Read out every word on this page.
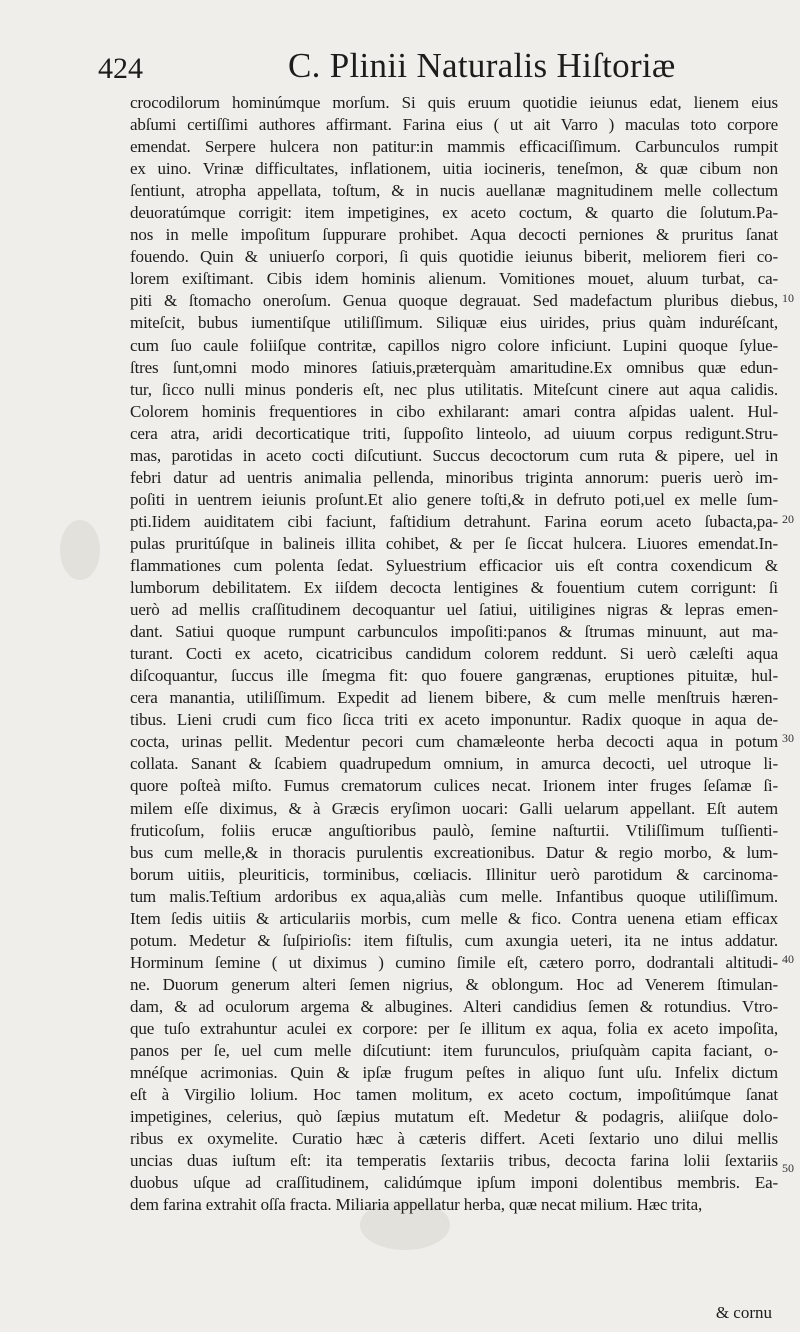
424	C. Plinii Naturalis Hiſtoriæ
crocodilorum hominúmque morſum. Si quis eruum quotidie ieiunus edat, lienem eius
abſumi certiſſimi authores affirmant. Farina eius ( ut ait Varro ) maculas toto corpore
emendat. Serpere hulcera non patitur:in mammis efficaciſſimum. Carbunculos rumpit
ex uino. Vrinæ difficultates, inflationem, uitia iocineris, teneſmon, & quæ cibum non
ſentiunt, atropha appellata, toſtum, & in nucis auellanæ magnitudinem melle collectum
deuoratúmque corrigit: item impetigines, ex aceto coctum, & quarto die ſolutum.Pa-
nos in melle impoſitum ſuppurare prohibet. Aqua decocti perniones & pruritus ſanat
fouendo. Quin & uniuerſo corpori, ſi quis quotidie ieiunus biberit, meliorem fieri co-
lorem exiſtimant. Cibis idem hominis alienum. Vomitiones mouet, aluum turbat, ca-
piti & ſtomacho oneroſum. Genua quoque degrauat. Sed madefactum pluribus diebus,
miteſcit, bubus iumentiſque utiliſſimum. Siliquæ eius uirides, prius quàm induréſcant,
cum ſuo caule foliiſque contritæ, capillos nigro colore inficiunt. Lupini quoque ſylue-
ſtres ſunt,omni modo minores ſatiuis,præterquàm amaritudine.Ex omnibus quæ edun-
tur, ſicco nulli minus ponderis eſt, nec plus utilitatis. Miteſcunt cinere aut aqua calidis.
Colorem hominis frequentiores in cibo exhilarant: amari contra aſpidas ualent. Hul-
cera atra, aridi decorticatique triti, ſuppoſito linteolo, ad uiuum corpus redigunt.Stru-
mas, parotidas in aceto cocti diſcutiunt. Succus decoctorum cum ruta & pipere, uel in
febri datur ad uentris animalia pellenda, minoribus triginta annorum: pueris uerò im-
poſiti in uentrem ieiunis proſunt.Et alio genere toſti,& in defruto poti,uel ex melle ſum-
pti.Iidem auiditatem cibi faciunt, faſtidium detrahunt. Farina eorum aceto ſubacta,pa-
pulas pruritúſque in balineis illita cohibet, & per ſe ſiccat hulcera. Liuores emendat.In-
flammationes cum polenta ſedat. Syluestrium efficacior uis eſt contra coxendicum &
lumborum debilitatem. Ex iiſdem decocta lentigines & fouentium cutem corrigunt: ſi
uerò ad mellis craſſitudinem decoquantur uel ſatiui, uitiligines nigras & lepras emen-
dant. Satiui quoque rumpunt carbunculos impoſiti:panos & ſtrumas minuunt, aut ma-
turant. Cocti ex aceto, cicatricibus candidum colorem reddunt. Si uerò cæleſti aqua
diſcoquantur, ſuccus ille ſmegma fit: quo fouere gangrænas, eruptiones pituitæ, hul-
cera manantia, utiliſſimum. Expedit ad lienem bibere, & cum melle menſtruis hæren-
tibus. Lieni crudi cum fico ſicca triti ex aceto imponuntur. Radix quoque in aqua de-
cocta, urinas pellit. Medentur pecori cum chamæleonte herba decocti aqua in potum
collata. Sanant & ſcabiem quadrupedum omnium, in amurca decocti, uel utroque li-
quore poſteà miſto. Fumus crematorum culices necat. Irionem inter fruges ſeſamæ ſi-
milem eſſe diximus, & à Græcis eryſimon uocari: Galli uelarum appellant. Eſt autem
fruticoſum, foliis erucæ anguſtioribus paulò, ſemine naſturtii. Vtiliſſimum tuſſienti-
bus cum melle,& in thoracis purulentis excreationibus. Datur & regio morbo, & lum-
borum uitiis, pleuriticis, torminibus, cœliacis. Illinitur uerò parotidum & carcinoma-
tum malis.Teſtium ardoribus ex aqua,aliàs cum melle. Infantibus quoque utiliſſimum.
Item ſedis uitiis & articulariis morbis, cum melle & fico. Contra uenena etiam efficax
potum. Medetur & ſuſpirioſis: item fiſtulis, cum axungia ueteri, ita ne intus addatur.
Horminum ſemine ( ut diximus ) cumino ſimile eſt, cætero porro, dodrantali altitudi-
ne. Duorum generum alteri ſemen nigrius, & oblongum. Hoc ad Venerem ſtimulan-
dam, & ad oculorum argema & albugines. Alteri candidius ſemen & rotundius. Vtro-
que tuſo extrahuntur aculei ex corpore: per ſe illitum ex aqua, folia ex aceto impoſita,
panos per ſe, uel cum melle diſcutiunt: item furunculos, priuſquàm capita faciant, o-
mnéſque acrimonias. Quin & ipſæ frugum peſtes in aliquo ſunt uſu. Infelix dictum
eſt à Virgilio lolium. Hoc tamen molitum, ex aceto coctum, impoſitúmque ſanat
impetigines, celerius, quò ſæpius mutatum eſt. Medetur & podagris, aliiſque dolo-
ribus ex oxymelite. Curatio hæc à cæteris differt. Aceti ſextario uno dilui mellis
uncias duas iuſtum eſt: ita temperatis ſextariis tribus, decocta farina lolii ſextariis
duobus uſque ad craſſitudinem, calidúmque ipſum imponi dolentibus membris. Ea-
dem farina extrahit oſſa fracta. Miliaria appellatur herba, quæ necat milium. Hæc trita,
10
20
30
40
50
& cornu
